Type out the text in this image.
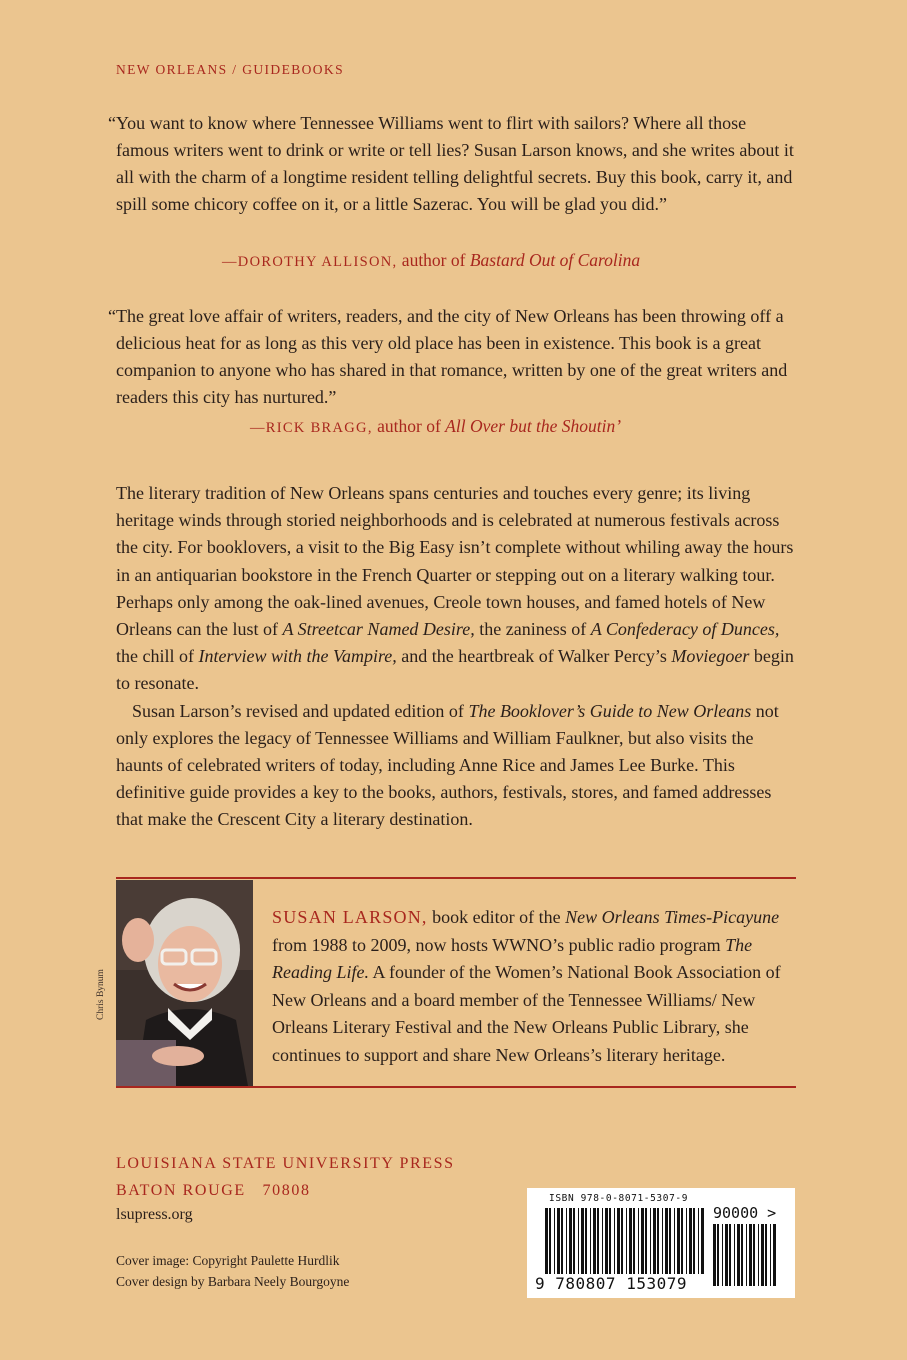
NEW ORLEANS / GUIDEBOOKS
“You want to know where Tennessee Williams went to flirt with sailors? Where all those famous writers went to drink or write or tell lies? Susan Larson knows, and she writes about it all with the charm of a longtime resident telling delightful secrets. Buy this book, carry it, and spill some chicory coffee on it, or a little Sazerac. You will be glad you did.”
—DOROTHY ALLISON, author of Bastard Out of Carolina
“The great love affair of writers, readers, and the city of New Orleans has been throwing off a delicious heat for as long as this very old place has been in existence. This book is a great companion to anyone who has shared in that romance, written by one of the great writers and readers this city has nurtured.”
—RICK BRAGG, author of All Over but the Shoutin’

The literary tradition of New Orleans spans centuries and touches every genre; its living heritage winds through storied neighborhoods and is celebrated at numerous festivals across the city. For booklovers, a visit to the Big Easy isn’t complete without whiling away the hours in an antiquarian bookstore in the French Quarter or stepping out on a literary walking tour. Perhaps only among the oak-lined avenues, Creole town houses, and famed hotels of New Orleans can the lust of A Streetcar Named Desire, the zaniness of A Confederacy of Dunces, the chill of Interview with the Vampire, and the heartbreak of Walker Percy’s Moviegoer begin to resonate.

Susan Larson’s revised and updated edition of The Booklover’s Guide to New Orleans not only explores the legacy of Tennessee Williams and William Faulkner, but also visits the haunts of celebrated writers of today, including Anne Rice and James Lee Burke. This definitive guide provides a key to the books, authors, festivals, stores, and famed addresses that make the Crescent City a literary destination.

Chris Bynum
SUSAN LARSON, book editor of the New Orleans Times-Picayune from 1988 to 2009, now hosts WWNO’s public radio program The Reading Life. A founder of the Women’s National Book Association of New Orleans and a board member of the Tennessee Williams/ New Orleans Literary Festival and the New Orleans Public Library, she continues to support and share New Orleans’s literary heritage.
LOUISIANA STATE UNIVERSITY PRESS
BATON ROUGE   70808
lsupress.org
Cover image: Copyright Paulette Hurdlik
Cover design by Barbara Neely Bourgoyne
ISBN 978-0-8071-5307-9
90000 >
9 780807 153079
